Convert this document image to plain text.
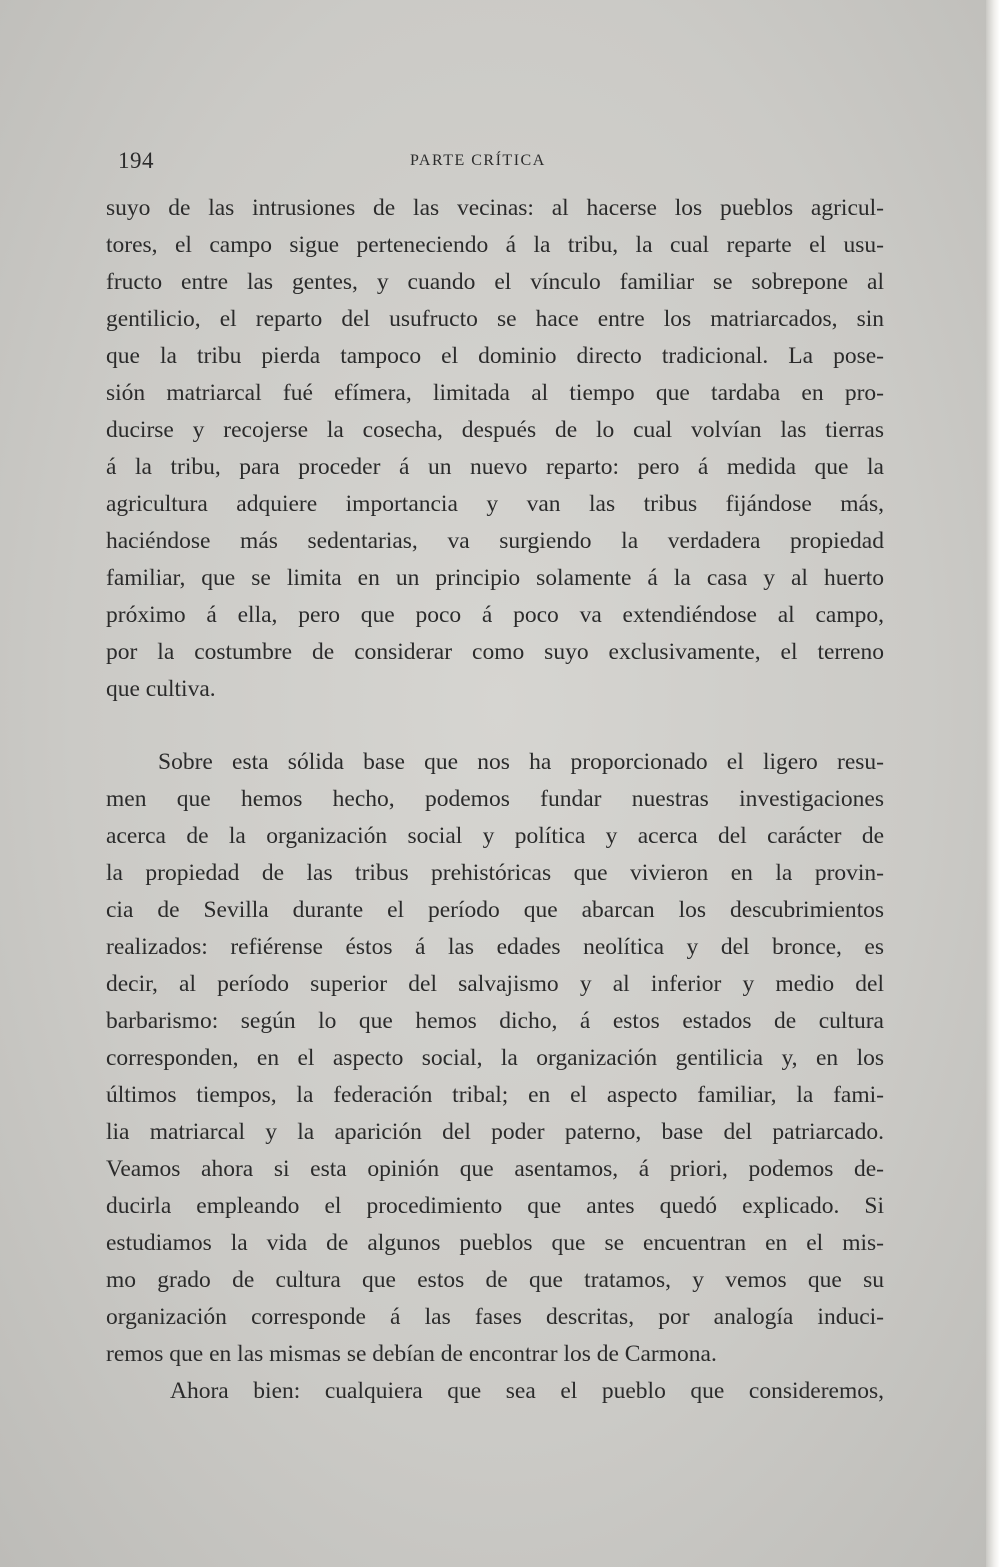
194	PARTE CRÍTICA
suyo de las intrusiones de las vecinas: al hacerse los pueblos agricul-
tores, el campo sigue perteneciendo á la tribu, la cual reparte el usu-
fructo entre las gentes, y cuando el vínculo familiar se sobrepone al
gentilicio, el reparto del usufructo se hace entre los matriarcados, sin
que la tribu pierda tampoco el dominio directo tradicional. La pose-
sión matriarcal fué efímera, limitada al tiempo que tardaba en pro-
ducirse y recojerse la cosecha, después de lo cual volvían las tierras
á la tribu, para proceder á un nuevo reparto: pero á medida que la
agricultura adquiere importancia y van las tribus fijándose más,
haciéndose más sedentarias, va surgiendo la verdadera propiedad
familiar, que se limita en un principio solamente á la casa y al huerto
próximo á ella, pero que poco á poco va extendiéndose al campo,
por la costumbre de considerar como suyo exclusivamente, el terreno
que cultiva.
Sobre esta sólida base que nos ha proporcionado el ligero resu-
men que hemos hecho, podemos fundar nuestras investigaciones
acerca de la organización social y política y acerca del carácter de
la propiedad de las tribus prehistóricas que vivieron en la provin-
cia de Sevilla durante el período que abarcan los descubrimientos
realizados: refiérense éstos á las edades neolítica y del bronce, es
decir, al período superior del salvajismo y al inferior y medio del
barbarismo: según lo que hemos dicho, á estos estados de cultura
corresponden, en el aspecto social, la organización gentilicia y, en los
últimos tiempos, la federación tribal; en el aspecto familiar, la fami-
lia matriarcal y la aparición del poder paterno, base del patriarcado.
Veamos ahora si esta opinión que asentamos, á priori, podemos de-
ducirla empleando el procedimiento que antes quedó explicado. Si
estudiamos la vida de algunos pueblos que se encuentran en el mis-
mo grado de cultura que estos de que tratamos, y vemos que su
organización corresponde á las fases descritas, por analogía induci-
remos que en las mismas se debían de encontrar los de Carmona.
Ahora bien: cualquiera que sea el pueblo que consideremos,
